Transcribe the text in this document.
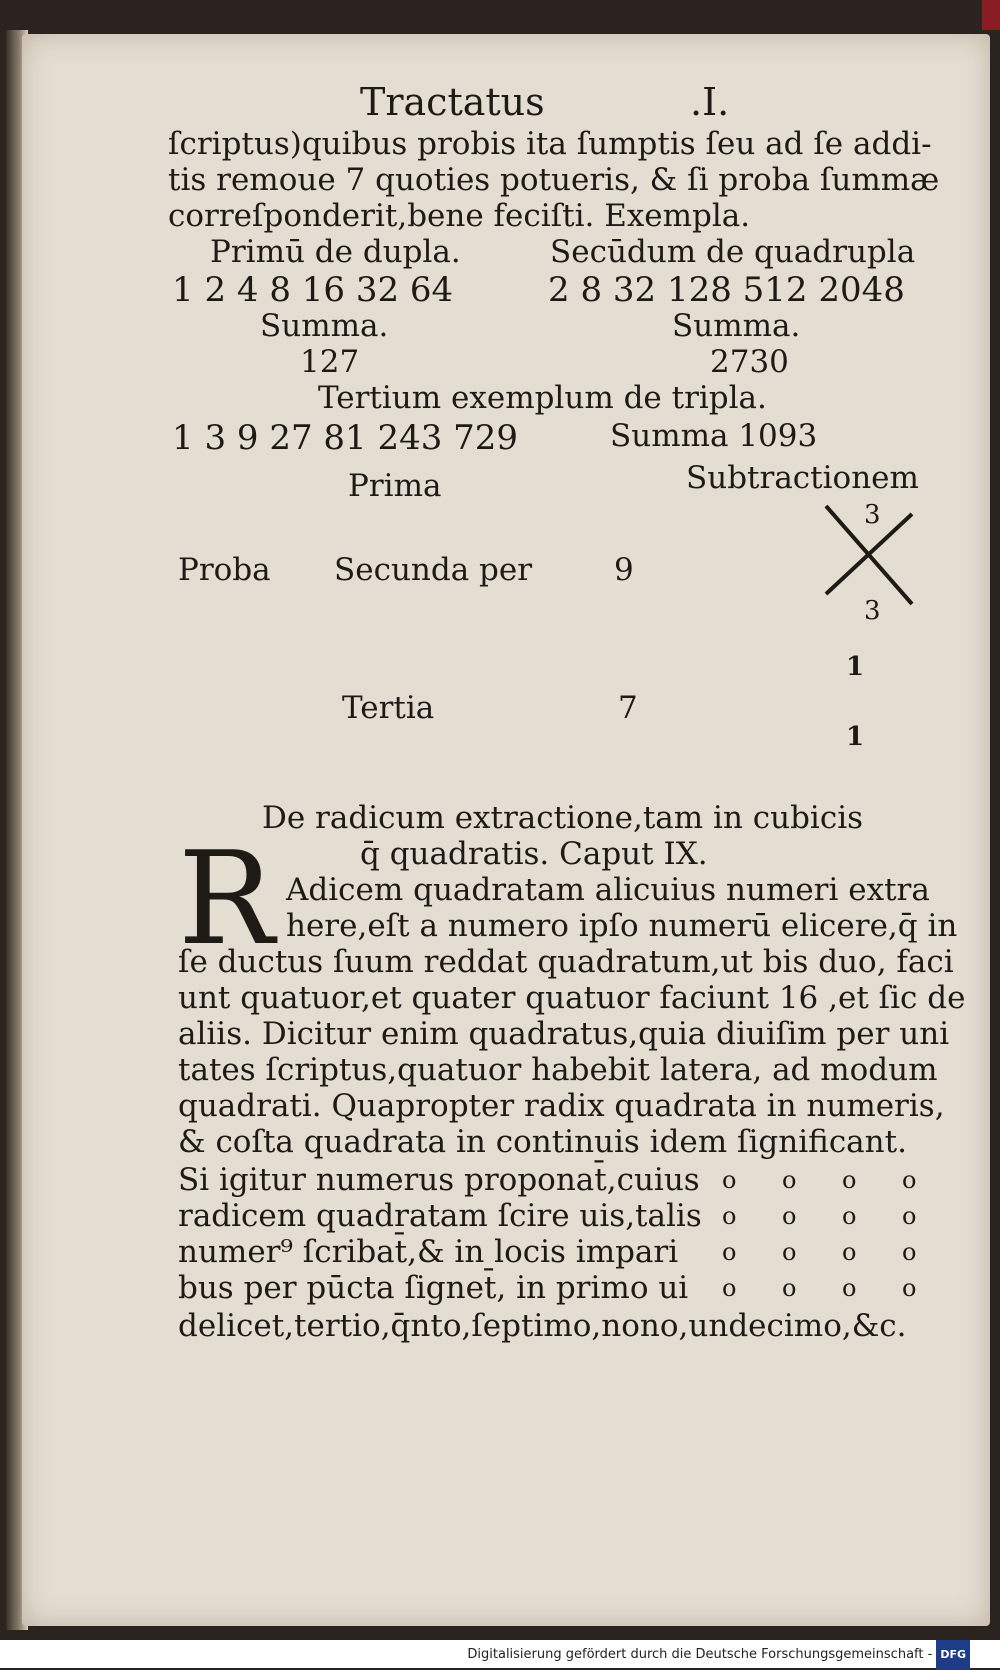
Tractatus	.I.
ſcriptus)quibus probis ita ſumptis ſeu ad ſe addi-
tis remoue 7 quoties potueris, & ſi proba ſummæ
correſponderit,bene feciſti. Exempla.
Primū de dupla.	Secūdum de quadrupla
1 2 4 8 16 32 64	2 8 32 128 512 2048
Summa.	Summa.
127	2730
Tertium exemplum de tripla.
1 3 9 27 81 243 729	Summa 1093
Prima	Subtractionem
Proba Secunda per	9
3
3
1
Tertia	7
1
De radicum extractione,tam in cubicis
q̄ quadratis. Caput IX.
R Adicem quadratam alicuius numeri extra
here,eſt a numero ipſo numerū elicere,q̄ in
ſe ductus ſuum reddat quadratum,ut bis duo, faci
unt quatuor,et quater quatuor faciunt 16 ,et ſic de
aliis. Dicitur enim quadratus,quia diuiſim per uni
tates ſcriptus,quatuor habebit latera, ad modum
quadrati. Quapropter radix quadrata in numeris,
& coſta quadrata in continuis idem ſignificant.
Si igitur numerus proponat̄,cuius
radicem quadratam ſcire uis,talis
numer⁹ ſcribat̄,& in locis impari
bus per pūcta ſignet̄, in primo ui
delicet,tertio,q̄nto,ſeptimo,nono,undecimo,&c.
o o o o
o o o o
o o o o
o o o o
Digitalisierung gefördert durch die Deutsche Forschungsgemeinschaft - DFG
